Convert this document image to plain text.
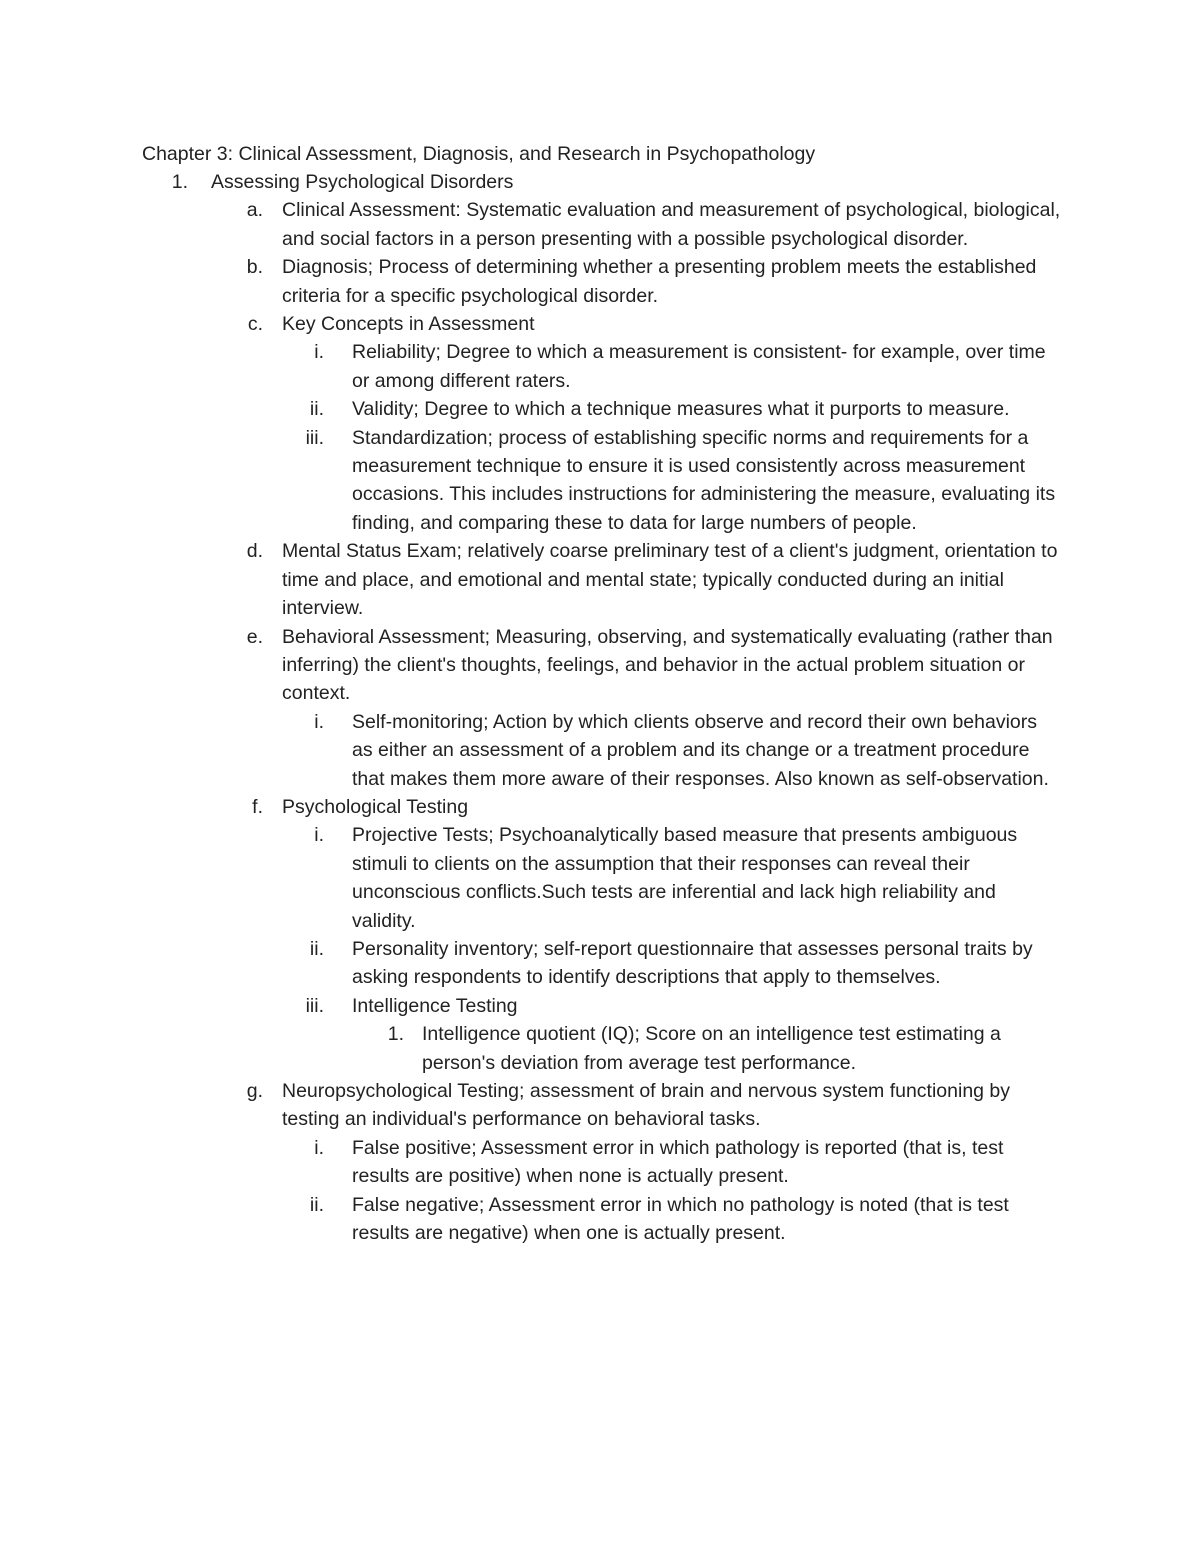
Chapter 3: Clinical Assessment, Diagnosis, and Research in Psychopathology
1. Assessing Psychological Disorders
a. Clinical Assessment: Systematic evaluation and measurement of psychological, biological, and social factors in a person presenting with a possible psychological disorder.
b. Diagnosis; Process of determining whether a presenting problem meets the established criteria for a specific psychological disorder.
c. Key Concepts in Assessment
i. Reliability; Degree to which a measurement is consistent- for example, over time or among different raters.
ii. Validity; Degree to which a technique measures what it purports to measure.
iii. Standardization; process of establishing specific norms and requirements for a measurement technique to ensure it is used consistently across measurement occasions. This includes instructions for administering the measure, evaluating its finding, and comparing these to data for large numbers of people.
d. Mental Status Exam; relatively coarse preliminary test of a client's judgment, orientation to time and place, and emotional and mental state; typically conducted during an initial interview.
e. Behavioral Assessment; Measuring, observing, and systematically evaluating (rather than inferring) the client's thoughts, feelings, and behavior in the actual problem situation or context.
i. Self-monitoring; Action by which clients observe and record their own behaviors as either an assessment of a problem and its change or a treatment procedure that makes them more aware of their responses. Also known as self-observation.
f. Psychological Testing
i. Projective Tests; Psychoanalytically based measure that presents ambiguous stimuli to clients on the assumption that their responses can reveal their unconscious conflicts.Such tests are inferential and lack high reliability and validity.
ii. Personality inventory; self-report questionnaire that assesses personal traits by asking respondents to identify descriptions that apply to themselves.
iii. Intelligence Testing
1. Intelligence quotient (IQ); Score on an intelligence test estimating a person's deviation from average test performance.
g. Neuropsychological Testing; assessment of brain and nervous system functioning by testing an individual's performance on behavioral tasks.
i. False positive; Assessment error in which pathology is reported (that is, test results are positive) when none is actually present.
ii. False negative; Assessment error in which no pathology is noted (that is test results are negative) when one is actually present.
